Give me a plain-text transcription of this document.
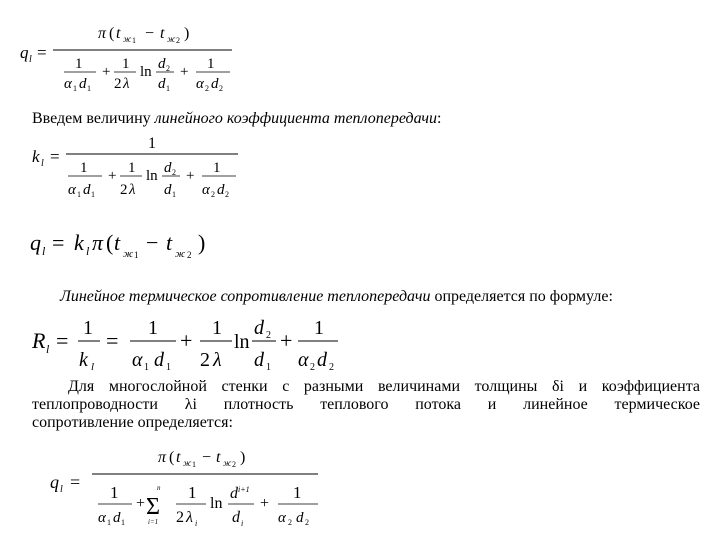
q l =
π ( t ж 1 − t ж 2 )
1
α 1 d 1
+ 1
2 λ
ln d 2
d 1
+ 1
α 2 d 2
Введем величину линейного коэффициента теплопередачи:
k l =
1
1
α 1 d 1
+ 1
2 λ
ln d 2
d 1
+ 1
α 2 d 2
q l = k l π ( t ж 1 − t ж 2 )
Линейное термическое сопротивление теплопередачи определяется по формуле:
R l = 1
k l
= 1
α 1 d 1
+ 1
2 λ
ln
d 2
d 1
+ 1
α 2 d 2
Для многослойной стенки с разными величинами толщины δi и коэффициента
теплопроводности λi плотность теплового потока и линейное термическое
сопротивление определяется:
q l =
π ( t ж 1 − t ж 2 )
1
α 1 d 1
+
n
Σ
i=1
1
2 λ i
ln
d i+1
d i
+
1
α 2 d 2
